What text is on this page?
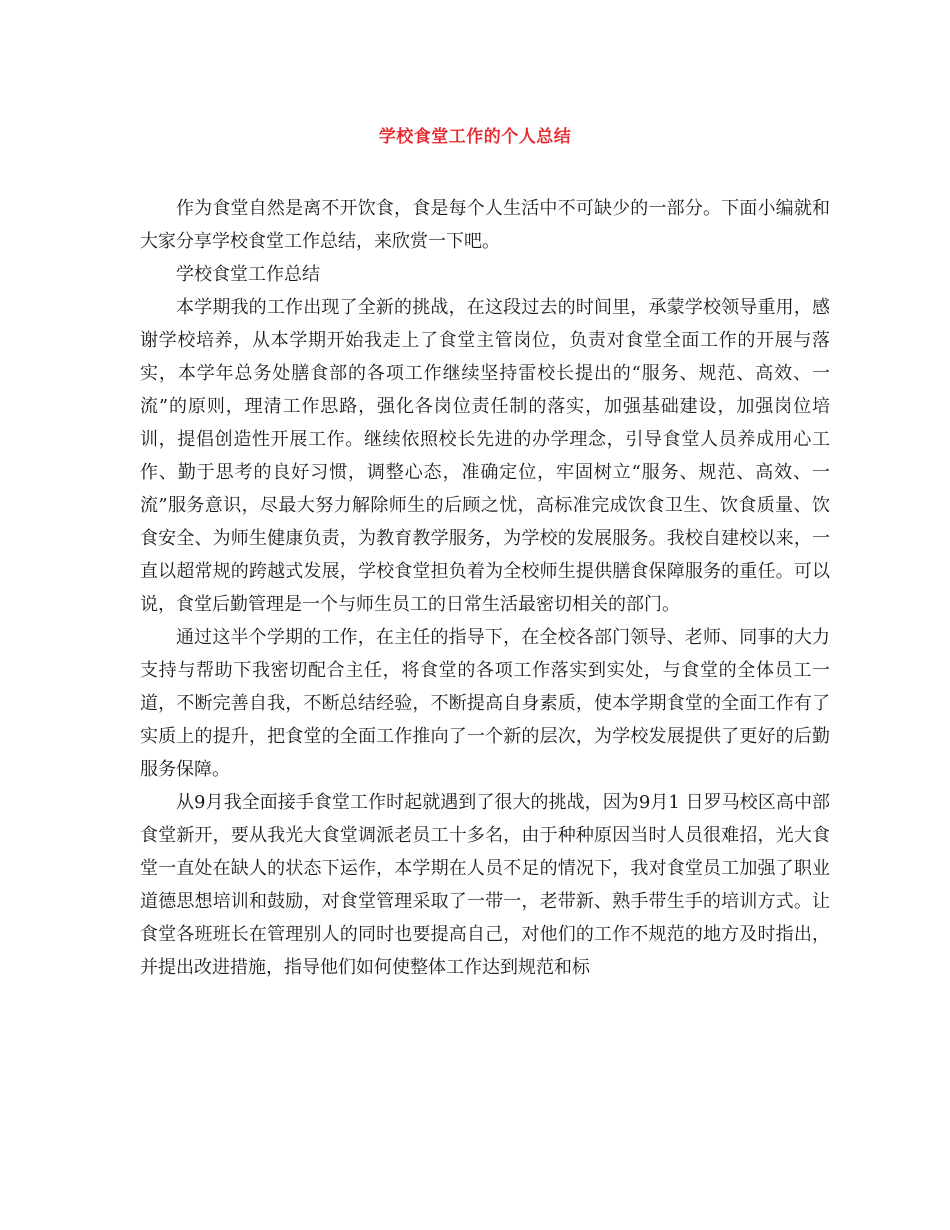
学校食堂工作的个人总结

作为食堂自然是离不开饮食，食是每个人生活中不可缺少的一部分。下面小编就和大家分享学校食堂工作总结，来欣赏一下吧。

学校食堂工作总结

本学期我的工作出现了全新的挑战，在这段过去的时间里，承蒙学校领导重用，感谢学校培养，从本学期开始我走上了食堂主管岗位，负责对食堂全面工作的开展与落实，本学年总务处膳食部的各项工作继续坚持雷校长提出的“服务、规范、高效、一流”的原则，理清工作思路，强化各岗位责任制的落实，加强基础建设，加强岗位培训，提倡创造性开展工作。继续依照校长先进的办学理念，引导食堂人员养成用心工作、勤于思考的良好习惯，调整心态，准确定位，牢固树立“服务、规范、高效、一流”服务意识，尽最大努力解除师生的后顾之忧，高标准完成饮食卫生、饮食质量、饮食安全、为师生健康负责，为教育教学服务，为学校的发展服务。我校自建校以来，一直以超常规的跨越式发展，学校食堂担负着为全校师生提供膳食保障服务的重任。可以说，食堂后勤管理是一个与师生员工的日常生活最密切相关的部门。

通过这半个学期的工作，在主任的指导下，在全校各部门领导、老师、同事的大力支持与帮助下我密切配合主任，将食堂的各项工作落实到实处，与食堂的全体员工一道，不断完善自我，不断总结经验，不断提高自身素质，使本学期食堂的全面工作有了实质上的提升，把食堂的全面工作推向了一个新的层次，为学校发展提供了更好的后勤服务保障。

从9月我全面接手食堂工作时起就遇到了很大的挑战，因为9月1 日罗马校区高中部食堂新开，要从我光大食堂调派老员工十多名，由于种种原因当时人员很难招，光大食堂一直处在缺人的状态下运作，本学期在人员不足的情况下，我对食堂员工加强了职业道德思想培训和鼓励，对食堂管理采取了一带一，老带新、熟手带生手的培训方式。让食堂各班班长在管理别人的同时也要提高自己，对他们的工作不规范的地方及时指出，并提出改进措施，指导他们如何使整体工作达到规范和标
